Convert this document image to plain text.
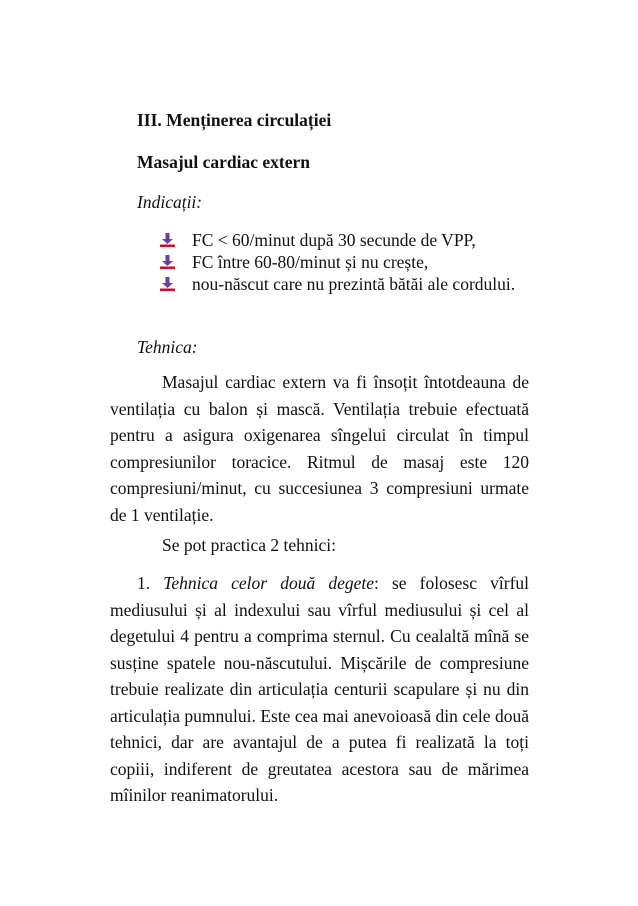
III. Menținerea circulației
Masajul cardiac extern
Indicații:
FC < 60/minut după 30 secunde de VPP,
FC între 60-80/minut și nu crește,
nou-născut care nu prezintă bătăi ale cordului.
Tehnica:

Masajul cardiac extern va fi însoțit întotdeauna de ventilația cu balon și mască. Ventilația trebuie efectuată pentru a asigura oxigenarea sîngelui circulat în timpul compresiunilor toracice. Ritmul de masaj este 120 compresiuni/minut, cu succesiunea 3 compresiuni urmate de 1 ventilație.

Se pot practica 2 tehnici:

1. Tehnica celor două degete: se folosesc vîrful mediusului și al indexului sau vîrful mediusului și cel al degetului 4 pentru a comprima sternul. Cu cealaltă mînă se susține spatele nou-născutului. Mișcările de compresiune trebuie realizate din articulația centurii scapulare și nu din articulația pumnului. Este cea mai anevoioasă din cele două tehnici, dar are avantajul de a putea fi realizată la toți copiii, indiferent de greutatea acestora sau de mărimea mîinilor reanimatorului.
